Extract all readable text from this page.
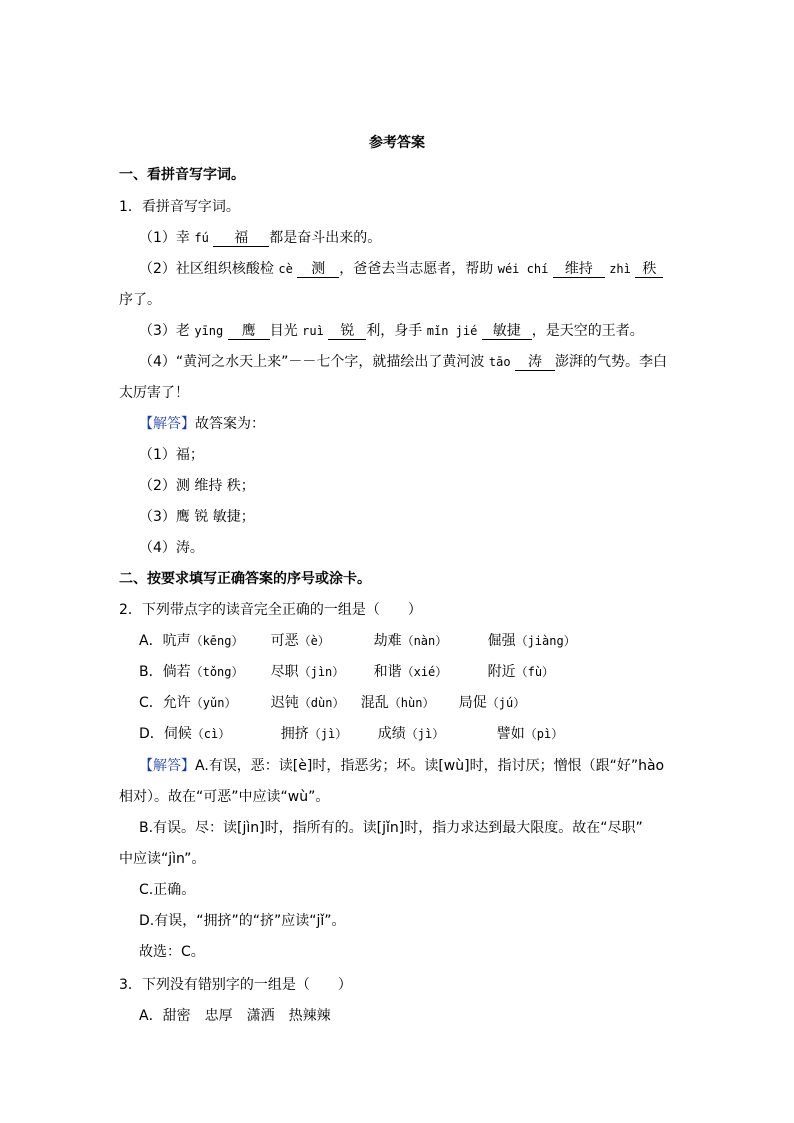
参考答案
一、看拼音写字词。
1．看拼音写字词。
（1）幸 fú 福 都是奋斗出来的。
（2）社区组织核酸检 cè 测 ，爸爸去当志愿者，帮助 wéi chí 维持 zhì 秩
序了。
（3）老 yīng 鹰 目光 ruì 锐 利，身手 mǐn jié 敏捷 ，是天空的王者。
（4）“黄河之水天上来”－－七个字，就描绘出了黄河波 tāo 涛 澎湃的气势。李白
太厉害了！
【解答】故答案为：
（1）福；
（2）测 维持 秩；
（3）鹰 锐 敏捷；
（4）涛。
二、按要求填写正确答案的序号或涂卡。
2．下列带点字的读音完全正确的一组是（　　）
A．吭声（kēng） 可恶（è）	劫难（nàn）	倔强（jiàng）
B．倘若（tǒng） 尽职（jìn） 和谐（xié）	附近（fù）
C．允许（yǔn） 迟钝（dùn） 混乱（hùn） 局促（jú）
D．伺候（cì）	拥挤（jì） 成绩（jì）	譬如（pì）
【解答】A.有误，恶：读[è]时，指恶劣；坏。读[wù]时，指讨厌；憎恨（跟“好”hào
相对）。故在“可恶”中应读“wù”。
B.有误。尽：读[jìn]时，指所有的。读[jǐn]时，指力求达到最大限度。故在“尽职”
中应读“jìn”。
C.正确。
D.有误，“拥挤”的“挤”应读“jǐ”。
故选：C。
3．下列没有错别字的一组是（　　）
A．甜密　忠厚　潇洒　热辣辣
